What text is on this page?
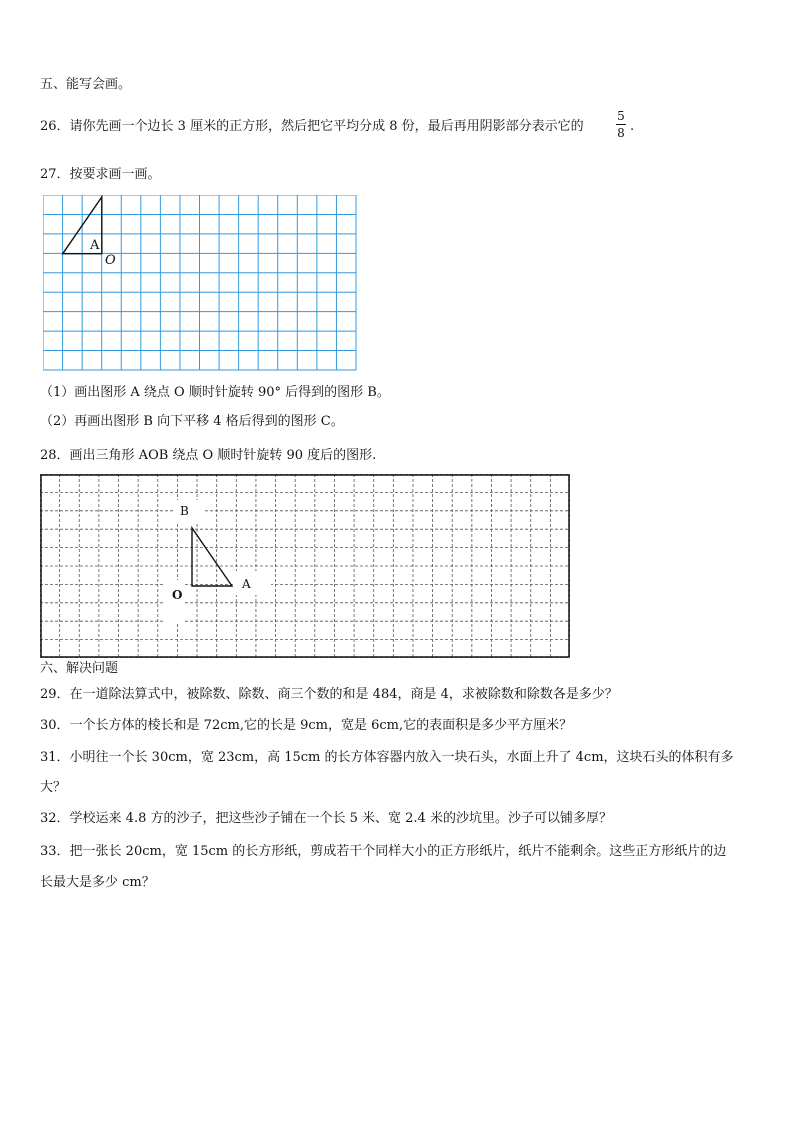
五、能写会画。
26．请你先画一个边长 3 厘米的正方形，然后把它平均分成 8 份，最后再用阴影部分表示它的
5
8 .
27．按要求画一画。
A
O
（1）画出图形 A 绕点 O 顺时针旋转 90° 后得到的图形 B。
（2）再画出图形 B 向下平移 4 格后得到的图形 C。
28．画出三角形 AOB 绕点 O 顺时针旋转 90 度后的图形.
B
A
O
六、解决问题
29．在一道除法算式中，被除数、除数、商三个数的和是 484，商是 4，求被除数和除数各是多少？
30．一个长方体的棱长和是 72cm,它的长是 9cm，宽是 6cm,它的表面积是多少平方厘米？
31．小明往一个长 30cm，宽 23cm，高 15cm 的长方体容器内放入一块石头，水面上升了 4cm，这块石头的体积有多
大？
32．学校运来 4.8 方的沙子，把这些沙子铺在一个长 5 米、宽 2.4 米的沙坑里。沙子可以铺多厚？
33．把一张长 20cm，宽 15cm 的长方形纸，剪成若干个同样大小的正方形纸片，纸片不能剩余。这些正方形纸片的边
长最大是多少 cm？
